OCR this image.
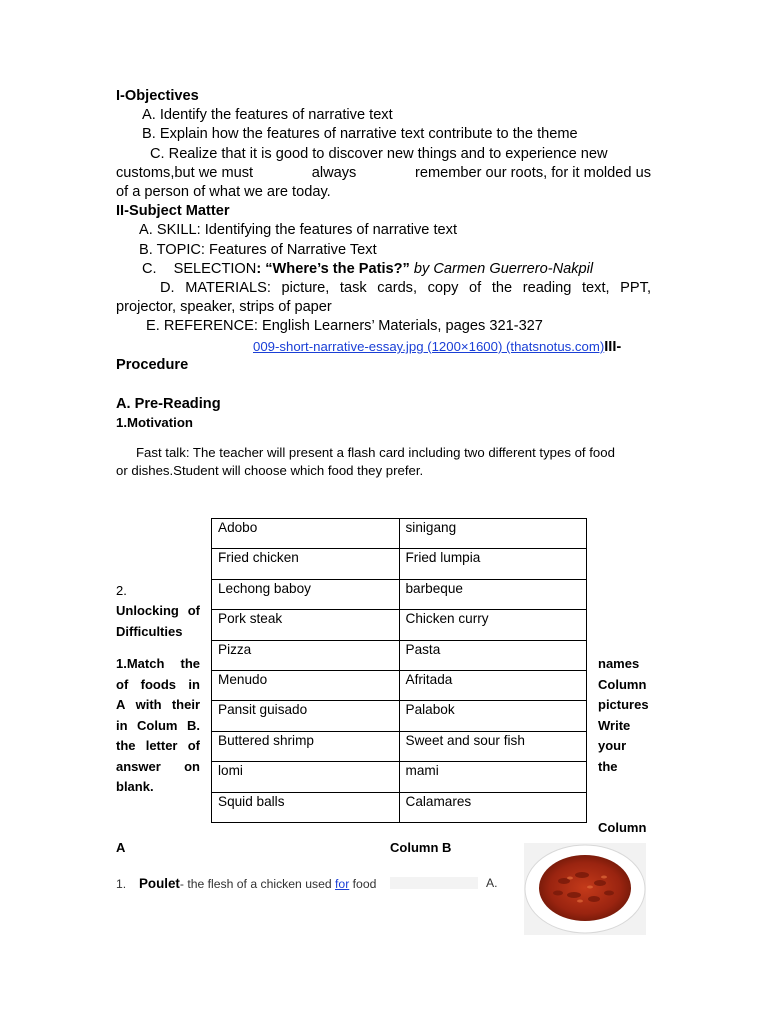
I-Objectives
A. Identify the features of narrative text
B. Explain how the features of narrative text contribute to the theme
C. Realize that it is good to discover new things and to experience new
customs,but we must	always	remember our roots, for it molded us
of a person of what we are today.
II-Subject Matter
A. SKILL: Identifying the features of narrative text
B. TOPIC: Features of Narrative Text
C. SELECTION: “Where’s the Patis?” by Carmen Guerrero-Nakpil
D. MATERIALS: picture, task cards, copy of the reading text, PPT,
projector, speaker, strips of paper
E. REFERENCE: English Learners’ Materials, pages 321-327
009-short-narrative-essay.jpg (1200×1600) (thatsnotus.com)III-
Procedure
A. Pre-Reading
1.Motivation
Fast talk: The teacher will present a flash card including two different types of food
or dishes.Student will choose which food they prefer.
Adobo	sinigang
Fried chicken	Fried lumpia
Lechong baboy	barbeque
Pork steak	Chicken curry
Pizza	Pasta
Menudo	Afritada
Pansit guisado	Palabok
Buttered shrimp	Sweet and sour fish
lomi	mami
Squid balls	Calamares
2.
Unlocking of
Difficulties
1.Match the
of foods in
A with their
in Colum B.
the letter of
answer on
blank.
names
Column
pictures
Write
your
the
Column
A	Column B
1. Poulet- the flesh of a chicken used for food	A.
